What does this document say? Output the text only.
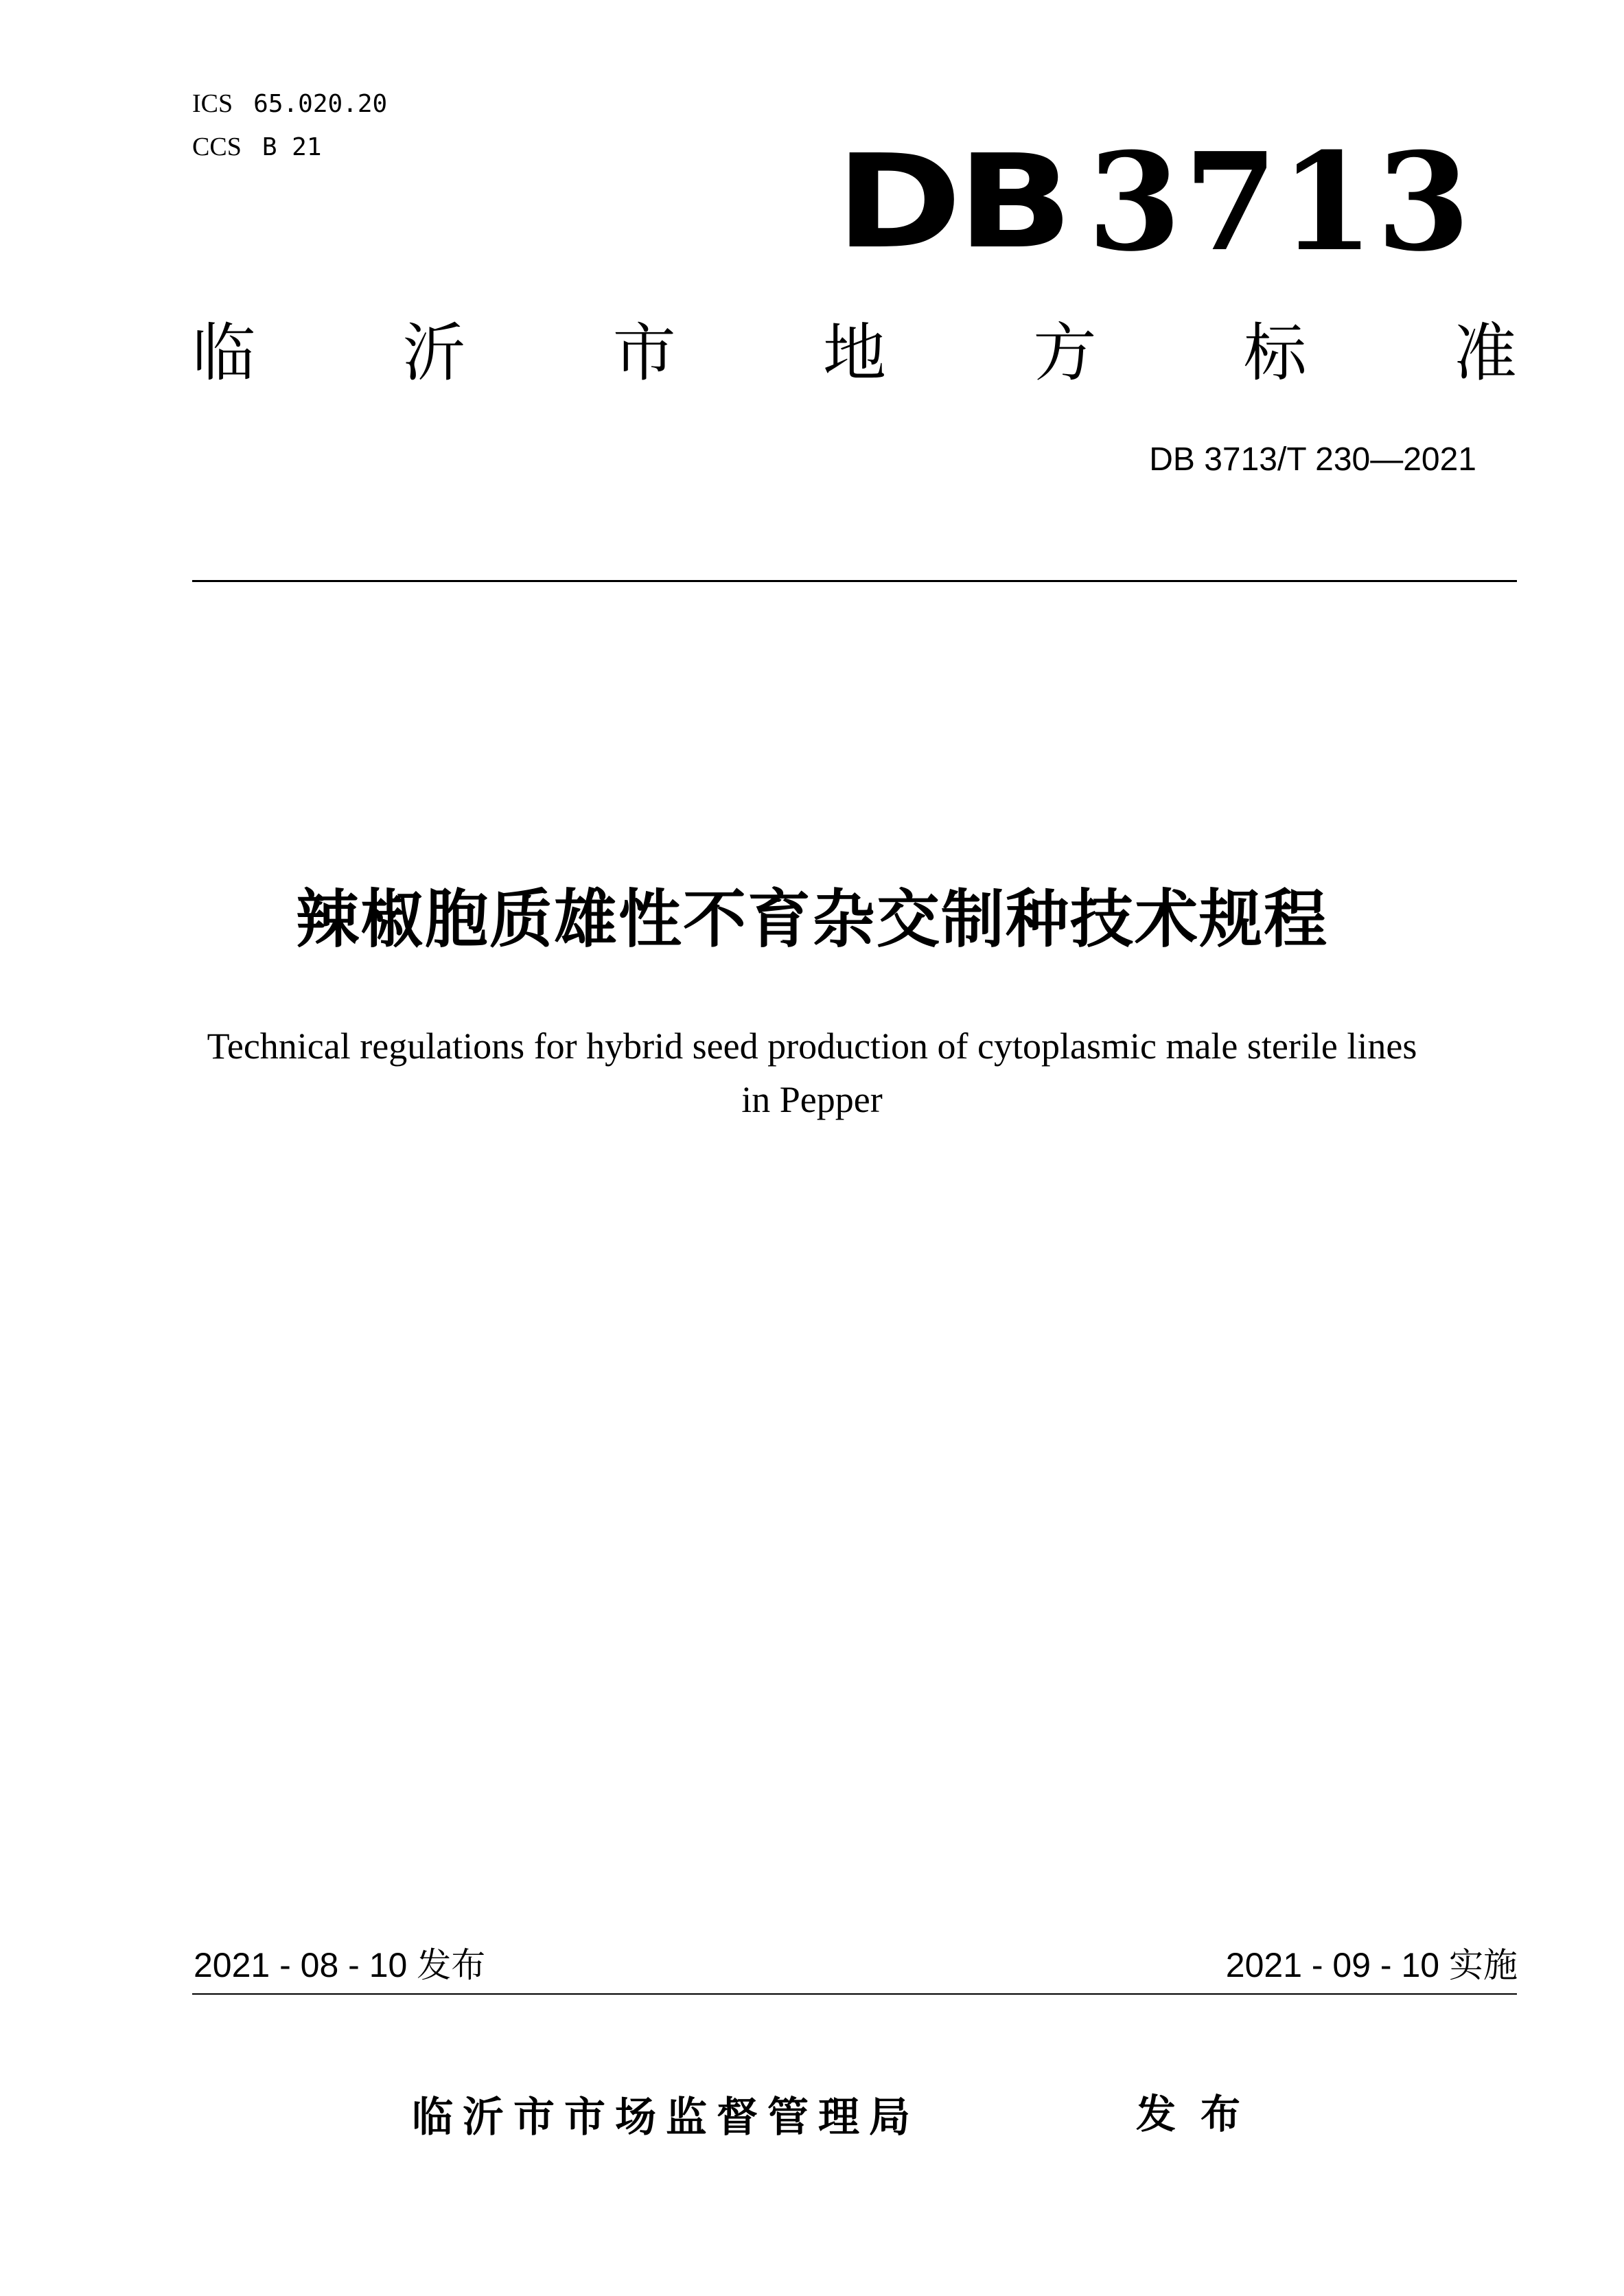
ICS 65.020.20
CCS B 21	DB 3713
临 沂 市 地 方 标 准
DB 3713/T 230—2021
辣椒胞质雄性不育杂交制种技术规程
Technical regulations for hybrid seed production of cytoplasmic male sterile lines
in Pepper
2021 - 08 - 10 发布	2021 - 09 - 10 实施
临沂市市场监督管理局	发布
